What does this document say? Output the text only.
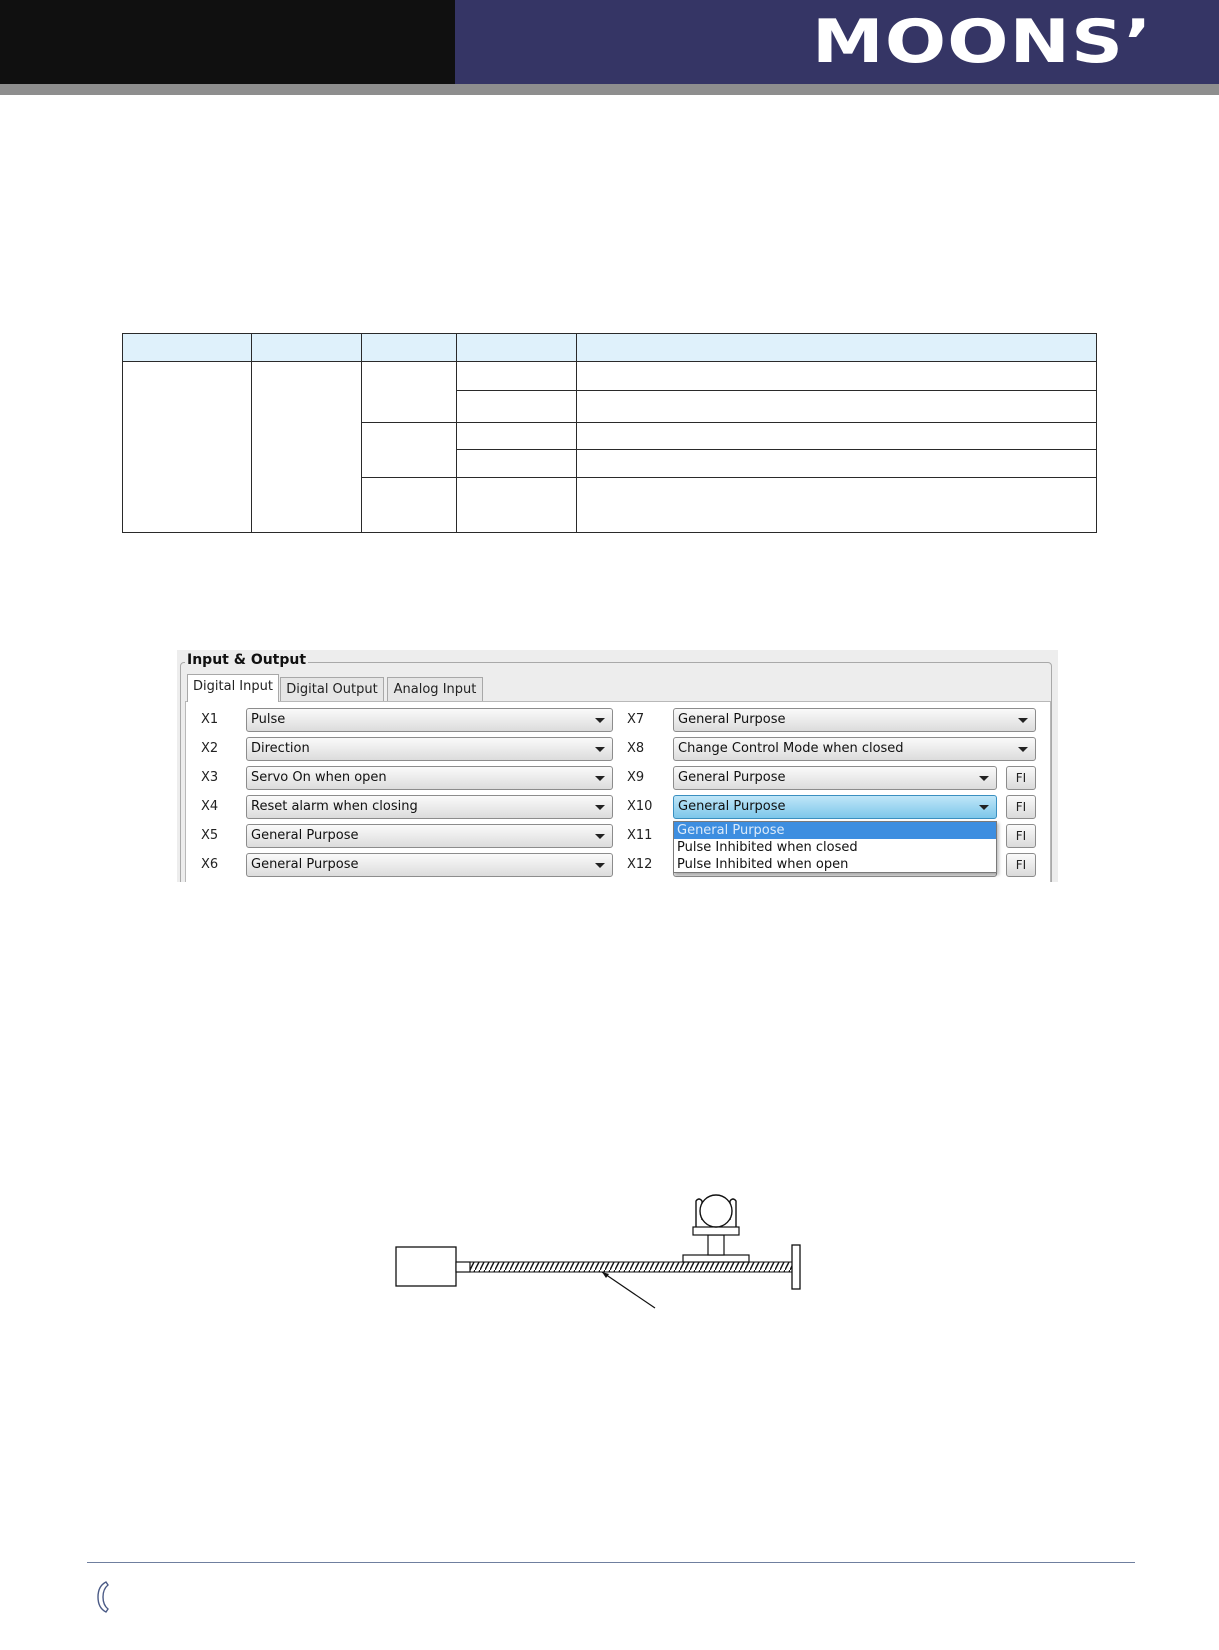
MOONS’
Input & Output
Digital Input	Digital Output	Analog Input
X1	Pulse
X2	Direction
X3	Servo On when open
X4	Reset alarm when closing
X5	General Purpose
X6	General Purpose
X7	General Purpose
X8	Change Control Mode when closed
X9	General Purpose	FI
X10 General Purpose	FI
X11	FI
X12	FI
General Purpose
Pulse Inhibited when closed
Pulse Inhibited when open
